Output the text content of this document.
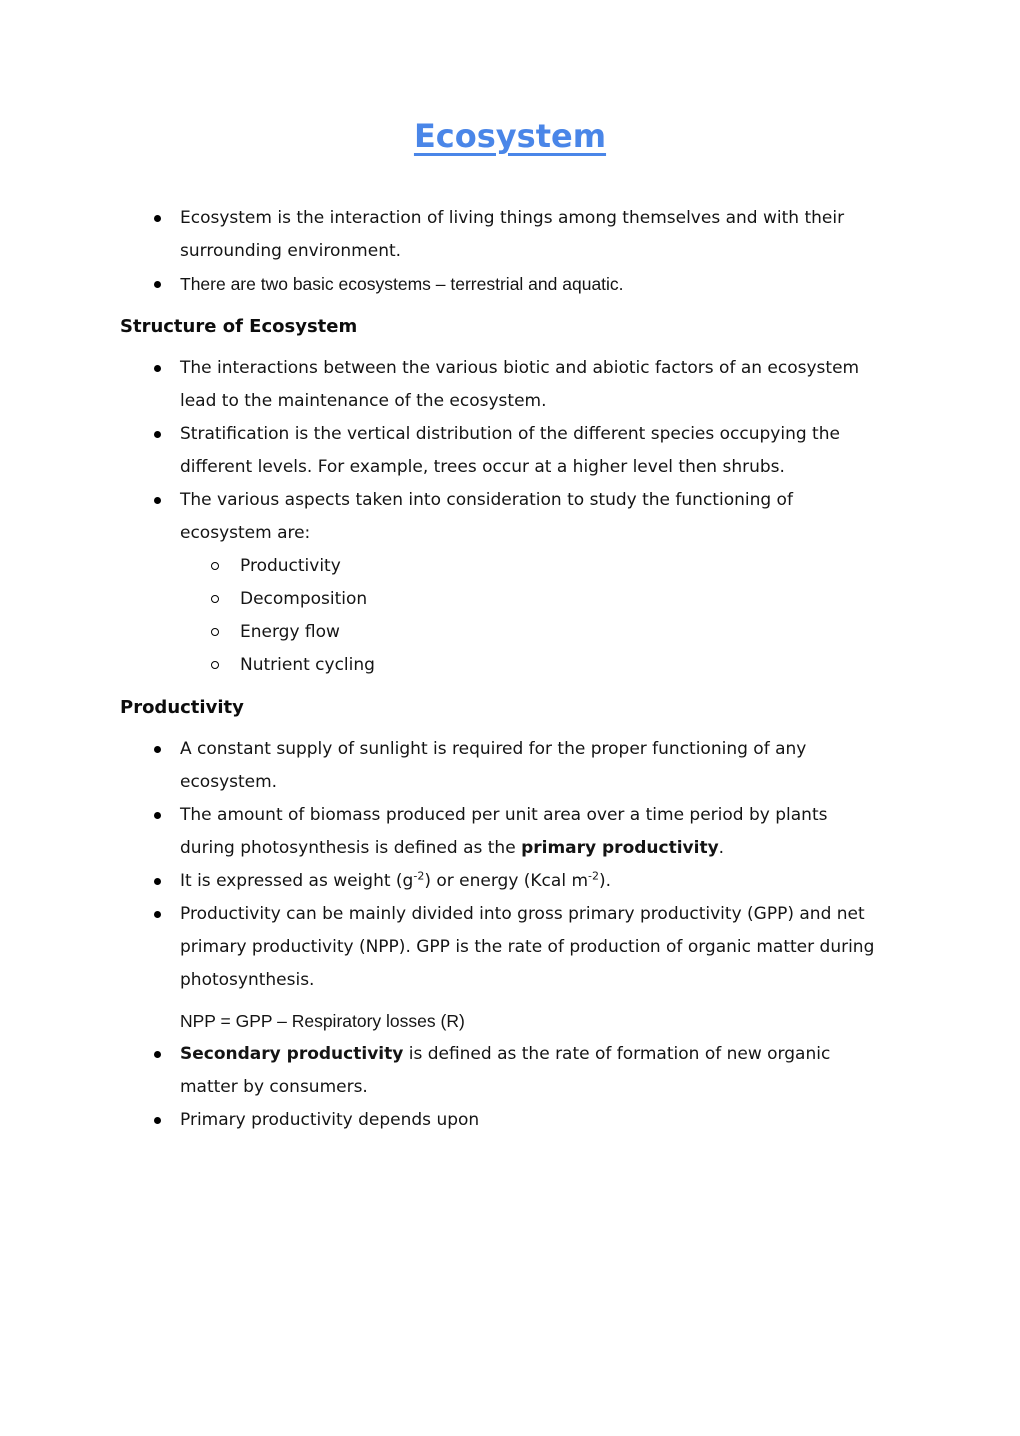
Ecosystem
Ecosystem is the interaction of living things among themselves and with their surrounding environment.
There are two basic ecosystems – terrestrial and aquatic.
Structure of Ecosystem
The interactions between the various biotic and abiotic factors of an ecosystem lead to the maintenance of the ecosystem.
Stratification is the vertical distribution of the different species occupying the different levels. For example, trees occur at a higher level then shrubs.
The various aspects taken into consideration to study the functioning of ecosystem are:
Productivity
Decomposition
Energy flow
Nutrient cycling
Productivity
A constant supply of sunlight is required for the proper functioning of any ecosystem.
The amount of biomass produced per unit area over a time period by plants during photosynthesis is defined as the primary productivity.
It is expressed as weight $(g^{-2})$ or energy (Kcal $m^{-2}$).
Productivity can be mainly divided into gross primary productivity (GPP) and net primary productivity (NPP). GPP is the rate of production of organic matter during photosynthesis.
NPP = GPP – Respiratory losses (R)
Secondary productivity is defined as the rate of formation of new organic matter by consumers.
Primary productivity depends upon
